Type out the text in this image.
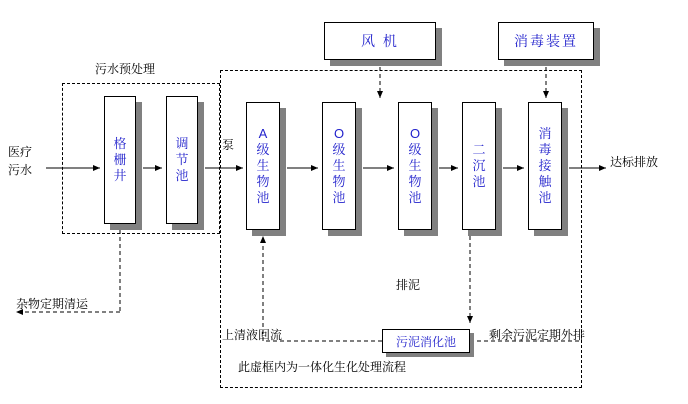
风 机	消毒装置
格栅井
调节池
A级生物池
O级生物池
O级生物池
二沉池
消毒接触池
污泥消化池
污水预处理
医疗
污水
泵
达标排放
杂物定期清运
上清液回流
排泥
剩余污泥定期外排
此虚框内为一体化生化处理流程
